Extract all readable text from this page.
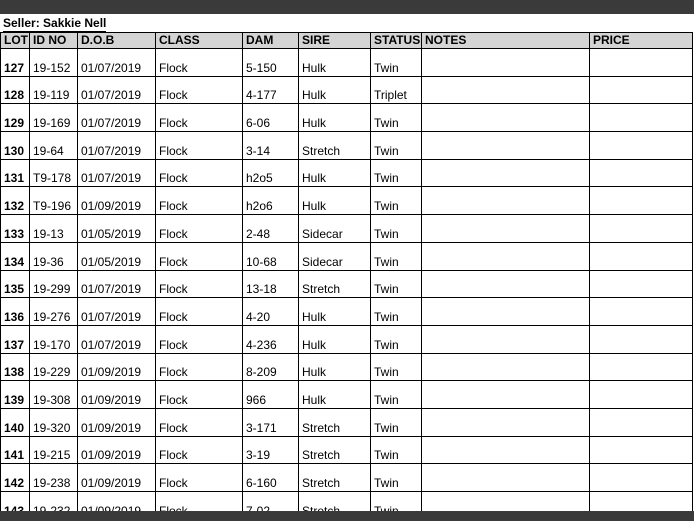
Seller: Sakkie Nell
LOT	ID NO	D.O.B	CLASS	DAM	SIRE	STATUS	NOTES	PRICE
127	19-152	01/07/2019	Flock	5-150	Hulk	Twin		
128	19-119	01/07/2019	Flock	4-177	Hulk	Triplet		
129	19-169	01/07/2019	Flock	6-06	Hulk	Twin		
130	19-64	01/07/2019	Flock	3-14	Stretch	Twin		
131	T9-178	01/07/2019	Flock	h2o5	Hulk	Twin		
132	T9-196	01/09/2019	Flock	h2o6	Hulk	Twin		
133	19-13	01/05/2019	Flock	2-48	Sidecar	Twin		
134	19-36	01/05/2019	Flock	10-68	Sidecar	Twin		
135	19-299	01/07/2019	Flock	13-18	Stretch	Twin		
136	19-276	01/07/2019	Flock	4-20	Hulk	Twin		
137	19-170	01/07/2019	Flock	4-236	Hulk	Twin		
138	19-229	01/09/2019	Flock	8-209	Hulk	Twin		
139	19-308	01/09/2019	Flock	966	Hulk	Twin		
140	19-320	01/09/2019	Flock	3-171	Stretch	Twin		
141	19-215	01/09/2019	Flock	3-19	Stretch	Twin		
142	19-238	01/09/2019	Flock	6-160	Stretch	Twin		
